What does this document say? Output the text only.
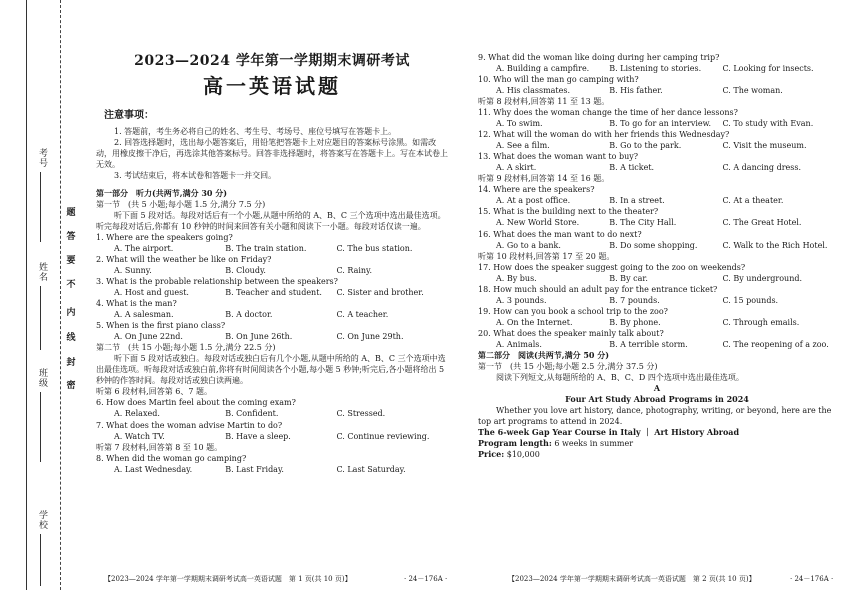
考号
姓名
班级
学校
题
答
要
不
内
线
封
密
2023—2024 学年第一学期期末调研考试
高一英语试题
注意事项：

1. 答题前，考生务必将自己的姓名、考生号、考场号、座位号填写在答题卡上。

2. 回答选择题时，选出每小题答案后，用铅笔把答题卡上对应题目的答案标号涂黑。如需改动，用橡皮擦干净后，再选涂其他答案标号。回答非选择题时，将答案写在答题卡上。写在本试卷上无效。

3. 考试结束后，将本试卷和答题卡一并交回。

第一部分　听力(共两节,满分 30 分)

第一节　(共 5 小题;每小题 1.5 分,满分 7.5 分)

听下面 5 段对话。每段对话后有一个小题,从题中所给的 A、B、C 三个选项中选出最佳选项。听完每段对话后,你都有 10 秒钟的时间来回答有关小题和阅读下一小题。每段对话仅读一遍。

1. Where are the speakers going?

A. The airport.	B. The train station.	C. The bus station.

2. What will the weather be like on Friday?

A. Sunny.	B. Cloudy.	C. Rainy.

3. What is the probable relationship between the speakers?

A. Host and guest.	B. Teacher and student.	C. Sister and brother.

4. What is the man?

A. A salesman.	B. A doctor.	C. A teacher.

5. When is the first piano class?

A. On June 22nd.	B. On June 26th.	C. On June 29th.

第二节　(共 15 小题;每小题 1.5 分,满分 22.5 分)

听下面 5 段对话或独白。每段对话或独白后有几个小题,从题中所给的 A、B、C 三个选项中选出最佳选项。听每段对话或独白前,你将有时间阅读各个小题,每小题 5 秒钟;听完后,各小题将给出 5 秒钟的作答时间。每段对话或独白读两遍。

听第 6 段材料,回答第 6、7 题。

6. How does Martin feel about the coming exam?

A. Relaxed.	B. Confident.	C. Stressed.

7. What does the woman advise Martin to do?

A. Watch TV.	B. Have a sleep.	C. Continue reviewing.

听第 7 段材料,回答第 8 至 10 题。

8. When did the woman go camping?

A. Last Wednesday.	B. Last Friday.	C. Last Saturday.
【2023—2024 学年第一学期期末调研考试高一英语试题　第 1 页(共 10 页)】	· 24－176A ·

9. What did the woman like doing during her camping trip?

A. Building a campfire.	B. Listening to stories.	C. Looking for insects.

10. Who will the man go camping with?

A. His classmates.	B. His father.	C. The woman.

听第 8 段材料,回答第 11 至 13 题。

11. Why does the woman change the time of her dance lessons?

A. To swim.	B. To go for an interview.	C. To study with Evan.

12. What will the woman do with her friends this Wednesday?

A. See a film.	B. Go to the park.	C. Visit the museum.

13. What does the woman want to buy?

A. A skirt.	B. A ticket.	C. A dancing dress.

听第 9 段材料,回答第 14 至 16 题。

14. Where are the speakers?

A. At a post office.	B. In a street.	C. At a theater.

15. What is the building next to the theater?

A. New World Store.	B. The City Hall.	C. The Great Hotel.

16. What does the man want to do next?

A. Go to a bank.	B. Do some shopping.	C. Walk to the Rich Hotel.

听第 10 段材料,回答第 17 至 20 题。

17. How does the speaker suggest going to the zoo on weekends?

A. By bus.	B. By car.	C. By underground.

18. How much should an adult pay for the entrance ticket?

A. 3 pounds.	B. 7 pounds.	C. 15 pounds.

19. How can you book a school trip to the zoo?

A. On the Internet.	B. By phone.	C. Through emails.

20. What does the speaker mainly talk about?

A. Animals.	B. A terrible storm.	C. The reopening of a zoo.

第二部分　阅读(共两节,满分 50 分)

第一节　(共 15 小题;每小题 2.5 分,满分 37.5 分)

阅读下列短文,从每题所给的 A、B、C、D 四个选项中选出最佳选项。

A

Four Art Study Abroad Programs in 2024

Whether you love art history, dance, photography, writing, or beyond, here are the top art programs to attend in 2024.

The 6-week Gap Year Course in Italy ｜ Art History Abroad

Program length: 6 weeks in summer

Price: $10,000

【2023—2024 学年第一学期期末调研考试高一英语试题　第 2 页(共 10 页)】	· 24－176A ·
